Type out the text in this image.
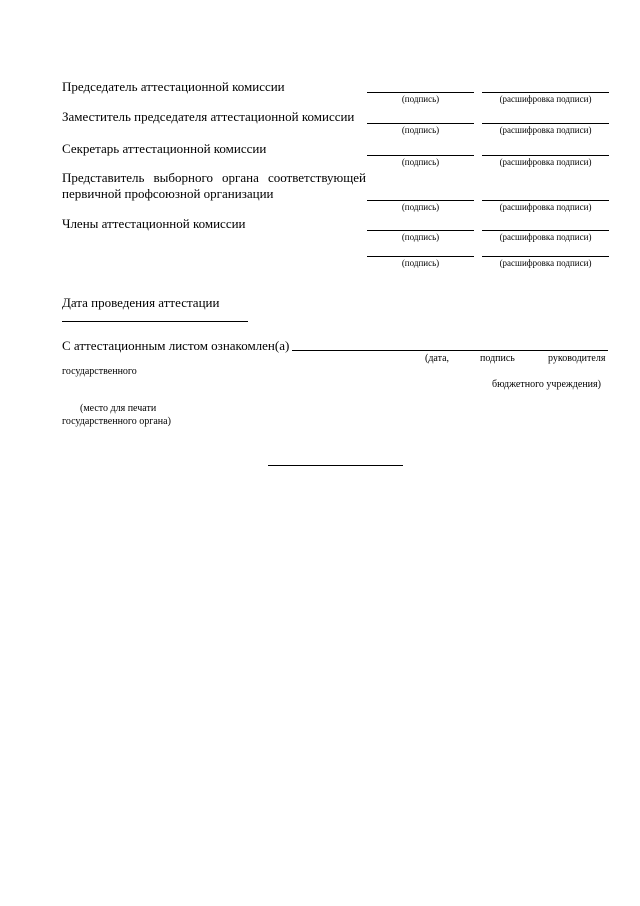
Председатель аттестационной комиссии
(подпись)	(расшифровка подписи)
Заместитель председателя аттестационной комиссии
(подпись)	(расшифровка подписи)
Секретарь аттестационной комиссии
(подпись)	(расшифровка подписи)
Представитель выборного органа соответствующей
первичной профсоюзной организации
(подпись)	(расшифровка подписи)
Члены аттестационной комиссии
(подпись)	(расшифровка подписи)
(подпись)	(расшифровка подписи)
Дата проведения аттестации
С аттестационным листом ознакомлен(а)
(дата,	подпись	руководителя
государственного
бюджетного учреждения)
(место для печати
государственного органа)
